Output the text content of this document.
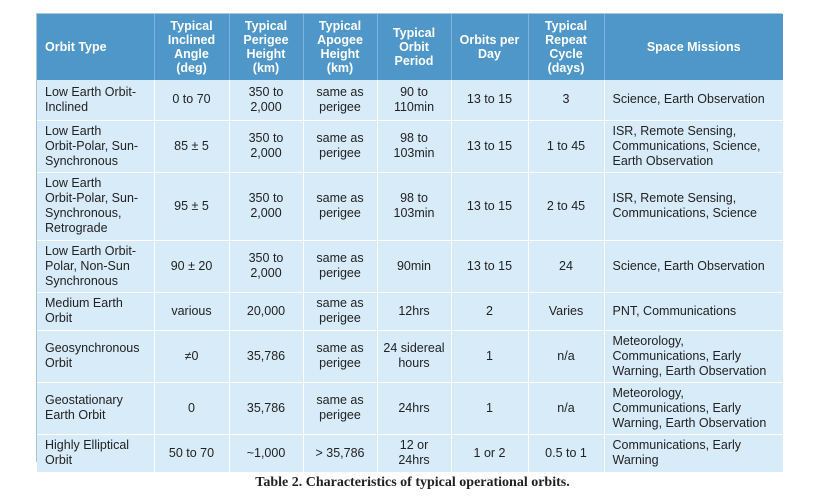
Orbit Type	Typical
Inclined
Angle
(deg)	Typical
Perigee
Height
(km)	Typical
Apogee
Height
(km)	Typical
Orbit
Period	Orbits per
Day	Typical
Repeat
Cycle
(days)	Space Missions
Low Earth Orbit-
Inclined	0 to 70	350 to
2,000	same as
perigee	90 to
110min	13 to 15	3	Science, Earth Observation
Low Earth
Orbit-Polar, Sun-
Synchronous	85 ± 5	350 to
2,000	same as
perigee	98 to
103min	13 to 15	1 to 45	ISR, Remote Sensing,
Communications, Science,
Earth Observation
Low Earth
Orbit-Polar, Sun-
Synchronous,
Retrograde	95 ± 5	350 to
2,000	same as
perigee	98 to
103min	13 to 15	2 to 45	ISR, Remote Sensing,
Communications, Science
Low Earth Orbit-
Polar, Non-Sun
Synchronous	90 ± 20	350 to
2,000	same as
perigee	90min	13 to 15	24	Science, Earth Observation
Medium Earth
Orbit	various	20,000	same as
perigee	12hrs	2	Varies	PNT, Communications
Geosynchronous
Orbit	≠0	35,786	same as
perigee	24 sidereal
hours	1	n/a	Meteorology,
Communications, Early
Warning, Earth Observation
Geostationary
Earth Orbit	0	35,786	same as
perigee	24hrs	1	n/a	Meteorology,
Communications, Early
Warning, Earth Observation
Highly Elliptical
Orbit	50 to 70	~1,000	> 35,786	12 or
24hrs	1 or 2	0.5 to 1	Communications, Early
Warning
Table 2. Characteristics of typical operational orbits.
